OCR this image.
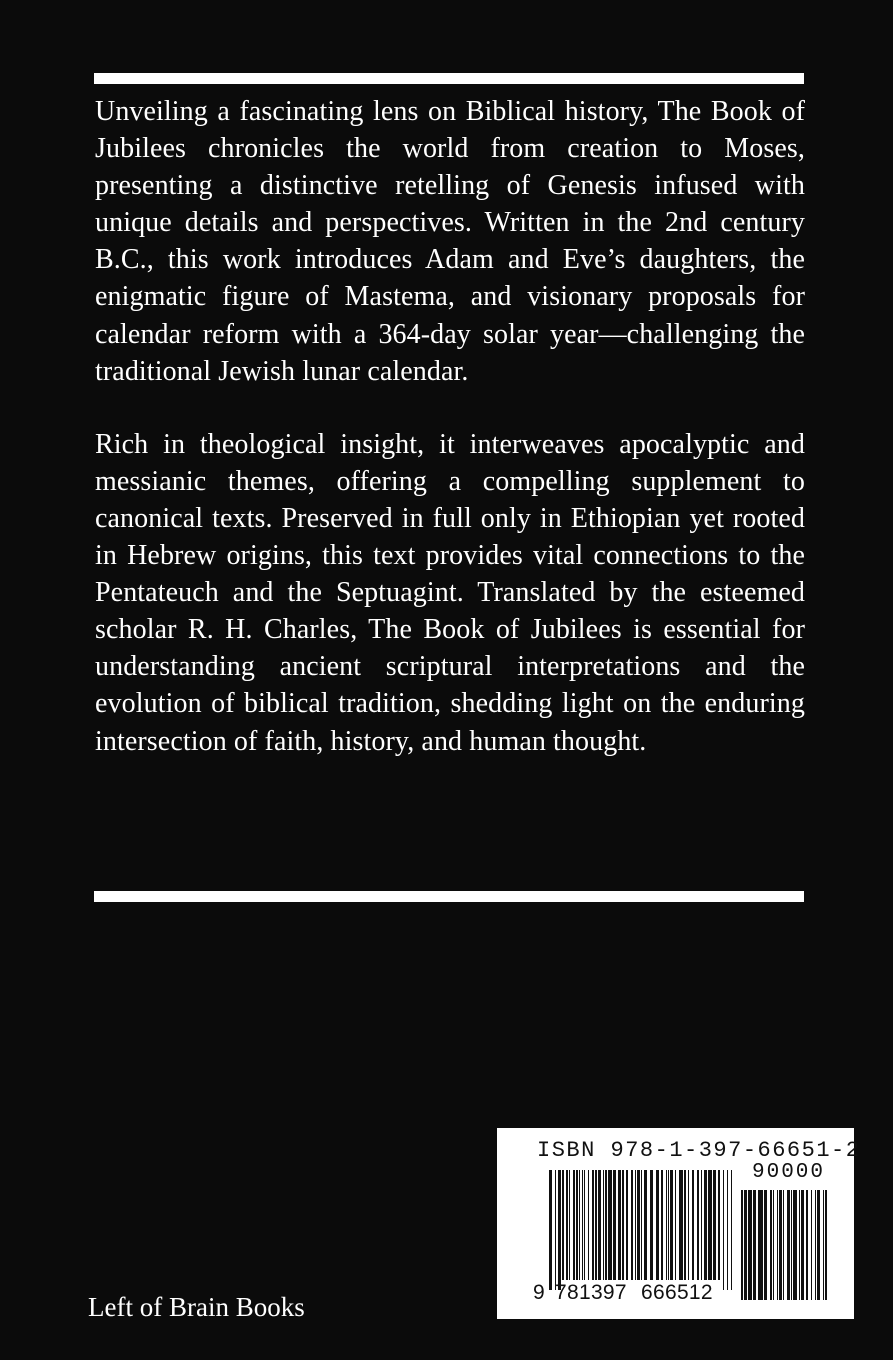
Unveiling a fascinating lens on Biblical history, The Book of Jubilees chronicles the world from creation to Moses, presenting a distinctive retelling of Genesis infused with unique details and perspectives. Written in the 2nd century B.C., this work introduces Adam and Eve’s daughters, the enigmatic figure of Mastema, and visionary proposals for calendar reform with a 364-day solar year—challenging the traditional Jewish lunar calendar.

Rich in theological insight, it interweaves apocalyptic and messianic themes, offering a compelling supplement to canonical texts. Preserved in full only in Ethiopian yet rooted in Hebrew origins, this text provides vital connections to the Pentateuch and the Septuagint. Translated by the esteemed scholar R. H. Charles, The Book of Jubilees is essential for understanding ancient scriptural interpretations and the evolution of biblical tradition, shedding light on the enduring intersection of faith, history, and human thought.

Left of Brain Books
ISBN 978-1-397-66651-2
90000
9 781397 666512
